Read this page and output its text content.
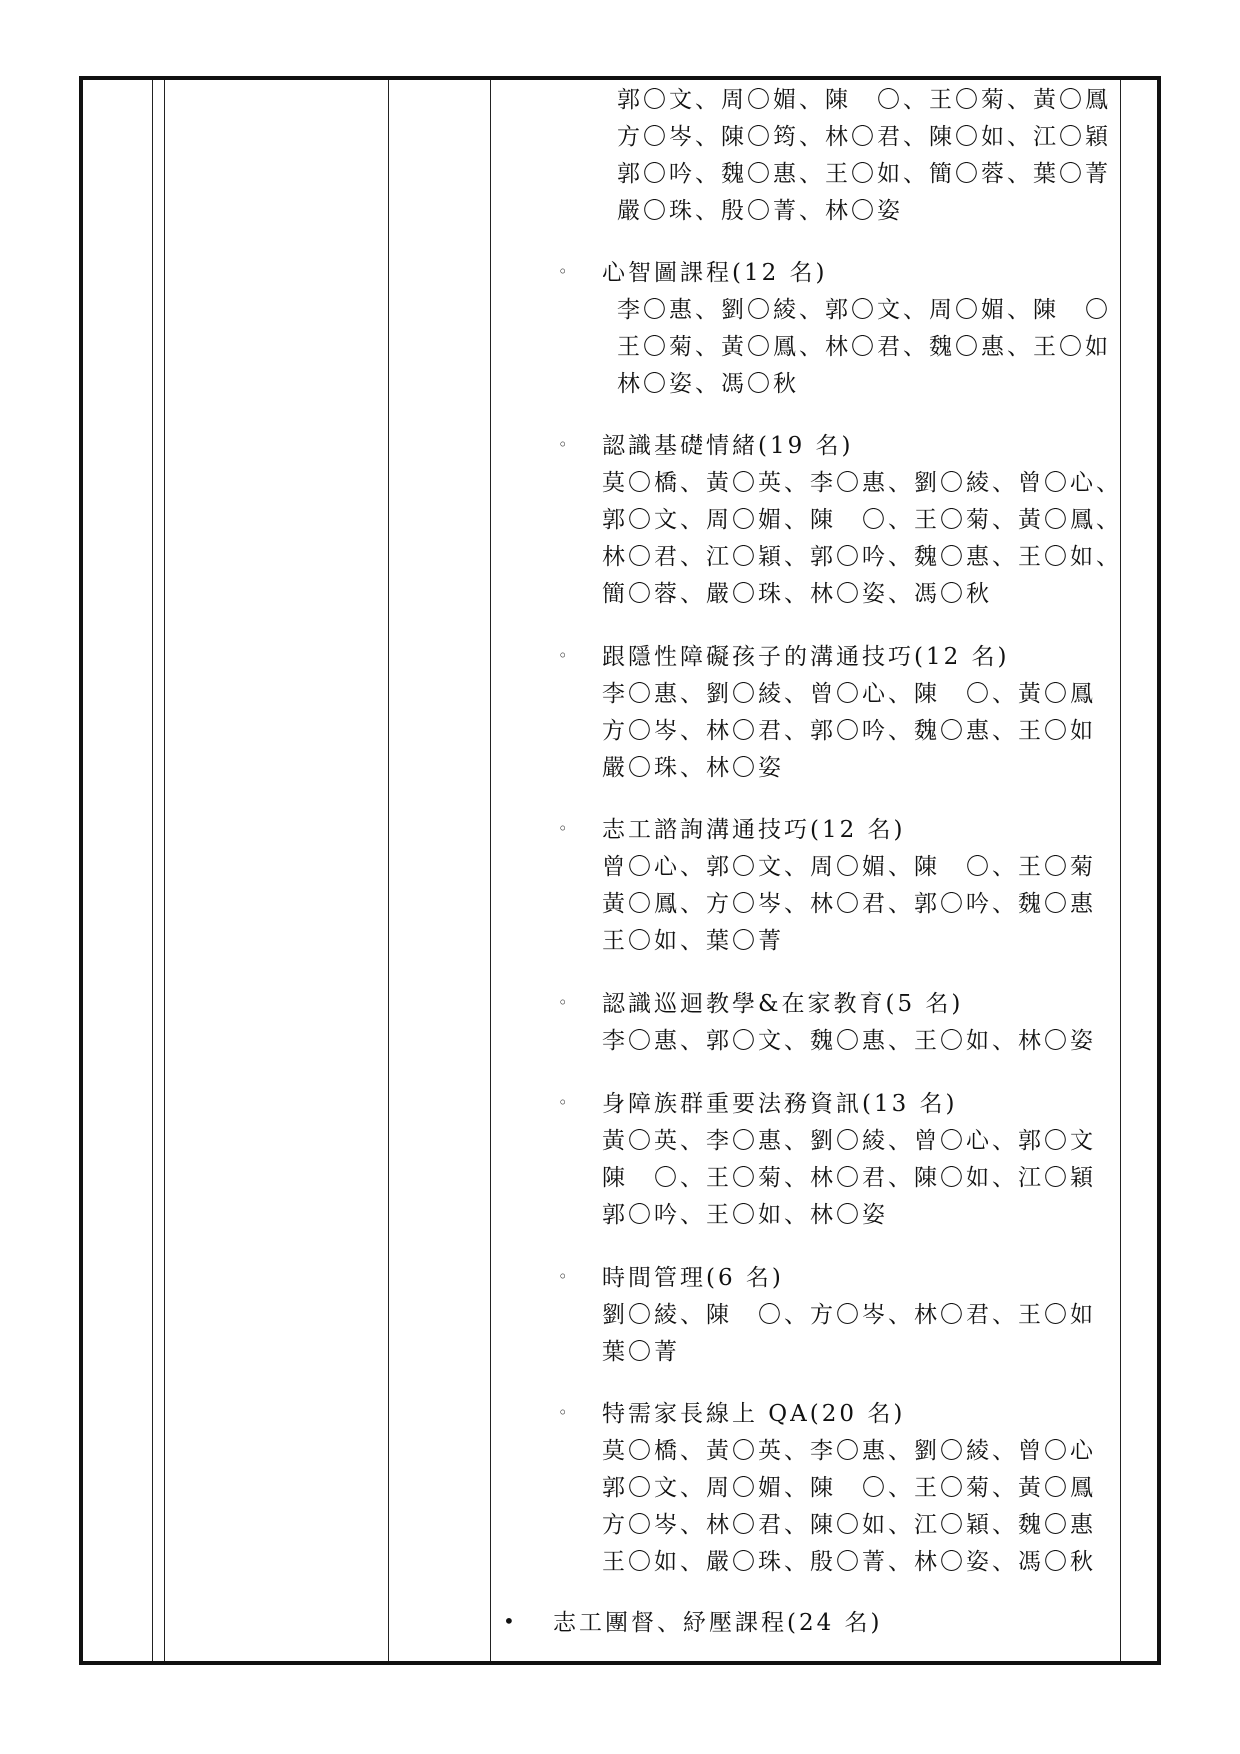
郭〇文、周〇媚、陳　〇、王〇菊、黃〇鳳
方〇岑、陳〇筠、林〇君、陳〇如、江〇穎
郭〇吟、魏〇惠、王〇如、簡〇蓉、葉〇菁
嚴〇珠、殷〇菁、林〇姿
◦ 心智圖課程(12 名)
李〇惠、劉〇綾、郭〇文、周〇媚、陳　〇
王〇菊、黃〇鳳、林〇君、魏〇惠、王〇如
林〇姿、馮〇秋
◦ 認識基礎情緒(19 名)
莫〇橋、黃〇英、李〇惠、劉〇綾、曾〇心、
郭〇文、周〇媚、陳　〇、王〇菊、黃〇鳳、
林〇君、江〇穎、郭〇吟、魏〇惠、王〇如、
簡〇蓉、嚴〇珠、林〇姿、馮〇秋
◦ 跟隱性障礙孩子的溝通技巧(12 名)
李〇惠、劉〇綾、曾〇心、陳　〇、黃〇鳳
方〇岑、林〇君、郭〇吟、魏〇惠、王〇如
嚴〇珠、林〇姿
◦ 志工諮詢溝通技巧(12 名)
曾〇心、郭〇文、周〇媚、陳　〇、王〇菊
黃〇鳳、方〇岑、林〇君、郭〇吟、魏〇惠
王〇如、葉〇菁
◦ 認識巡迴教學&在家教育(5 名)
李〇惠、郭〇文、魏〇惠、王〇如、林〇姿
◦ 身障族群重要法務資訊(13 名)
黃〇英、李〇惠、劉〇綾、曾〇心、郭〇文
陳　〇、王〇菊、林〇君、陳〇如、江〇穎
郭〇吟、王〇如、林〇姿
◦ 時間管理(6 名)
劉〇綾、陳　〇、方〇岑、林〇君、王〇如
葉〇菁
◦ 特需家長線上 QA(20 名)
莫〇橋、黃〇英、李〇惠、劉〇綾、曾〇心
郭〇文、周〇媚、陳　〇、王〇菊、黃〇鳳
方〇岑、林〇君、陳〇如、江〇穎、魏〇惠
王〇如、嚴〇珠、殷〇菁、林〇姿、馮〇秋
• 志工團督、紓壓課程(24 名)
